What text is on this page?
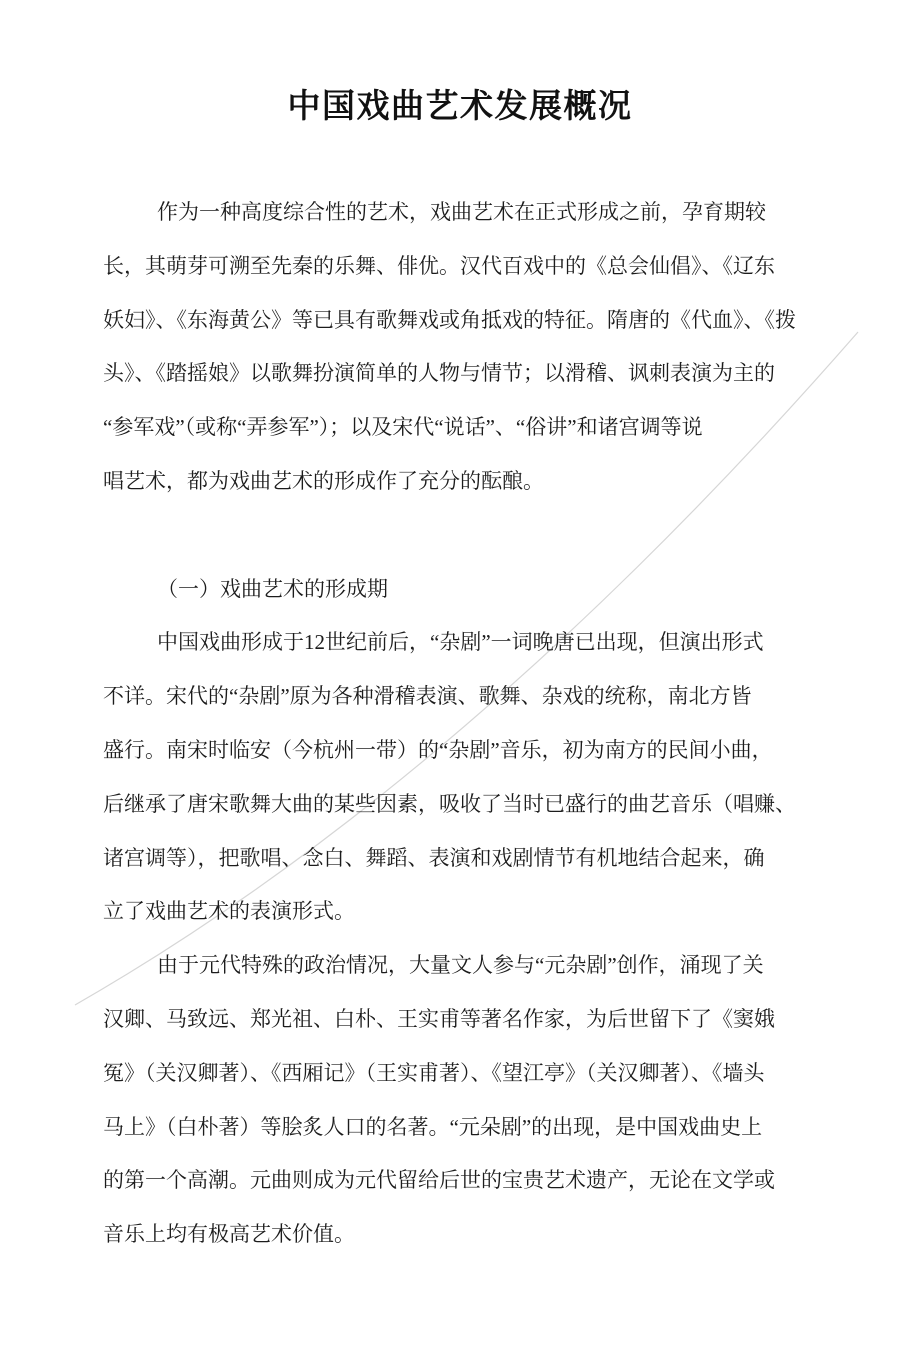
中国戏曲艺术发展概况
作为一种高度综合性的艺术，戏曲艺术在正式形成之前，孕育期较
长，其萌芽可溯至先秦的乐舞、俳优。汉代百戏中的《总会仙倡》、《辽东
妖妇》、《东海黄公》等已具有歌舞戏或角抵戏的特征。隋唐的《代血》、《拨
头》、《踏摇娘》以歌舞扮演简单的人物与情节；以滑稽、讽刺表演为主的
“参军戏”（或称“弄参军”）；以及宋代“说话”、“俗讲”和诸宫调等说
唱艺术，都为戏曲艺术的形成作了充分的酝酿。
（一）戏曲艺术的形成期
中国戏曲形成于12世纪前后，“杂剧”一词晚唐已出现，但演出形式
不详。宋代的“杂剧”原为各种滑稽表演、歌舞、杂戏的统称，南北方皆
盛行。南宋时临安（今杭州一带）的“杂剧”音乐，初为南方的民间小曲，
后继承了唐宋歌舞大曲的某些因素，吸收了当时已盛行的曲艺音乐（唱赚、
诸宫调等），把歌唱、念白、舞蹈、表演和戏剧情节有机地结合起来，确
立了戏曲艺术的表演形式。
由于元代特殊的政治情况，大量文人参与“元杂剧”创作，涌现了关
汉卿、马致远、郑光祖、白朴、王实甫等著名作家，为后世留下了《窦娥
冤》（关汉卿著）、《西厢记》（王实甫著）、《望江亭》（关汉卿著）、《墙头
马上》（白朴著）等脍炙人口的名著。“元朵剧”的出现，是中国戏曲史上
的第一个高潮。元曲则成为元代留给后世的宝贵艺术遗产，无论在文学或
音乐上均有极高艺术价值。
